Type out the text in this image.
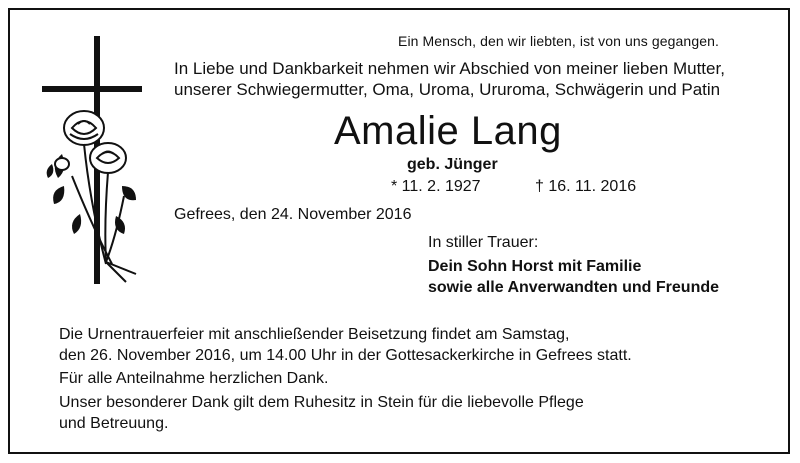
Ein Mensch, den wir liebten, ist von uns gegangen.
In Liebe und Dankbarkeit nehmen wir Abschied von meiner lieben Mutter,
unserer Schwiegermutter, Oma, Uroma, Ururoma, Schwägerin und Patin
Amalie Lang
geb. Jünger
* 11. 2. 1927	† 16. 11. 2016
Gefrees, den 24. November 2016
In stiller Trauer:
Dein Sohn Horst mit Familie
sowie alle Anverwandten und Freunde
Die Urnentrauerfeier mit anschließender Beisetzung findet am Samstag,
den 26. November 2016, um 14.00 Uhr in der Gottesackerkirche in Gefrees statt.
Für alle Anteilnahme herzlichen Dank.
Unser besonderer Dank gilt dem Ruhesitz in Stein für die liebevolle Pflege
und Betreuung.
